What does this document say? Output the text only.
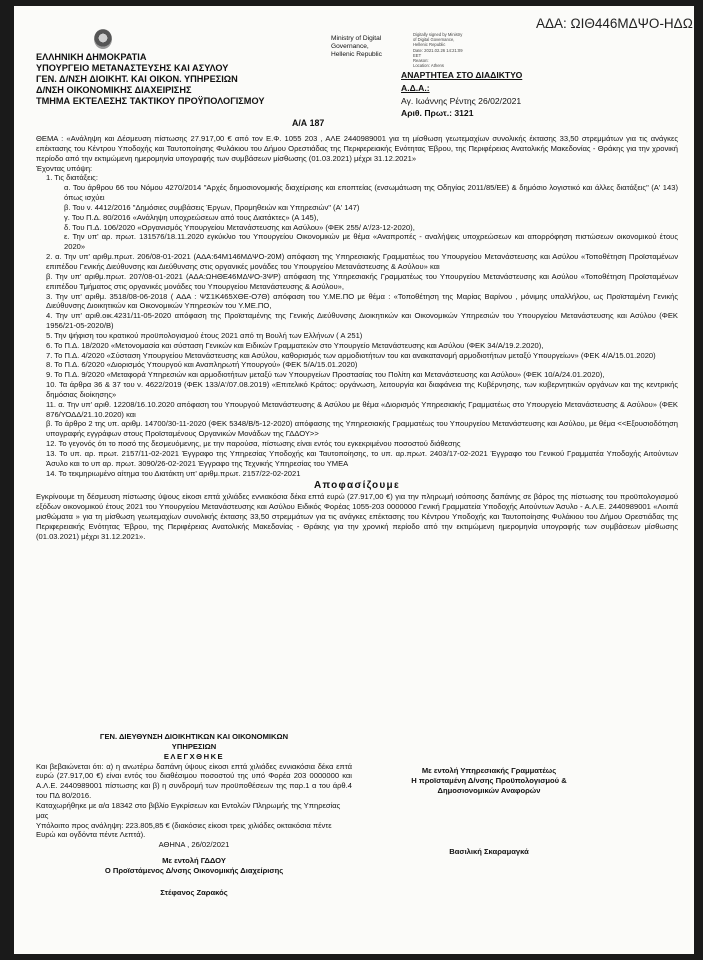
ΕΛΛΗΝΙΚΗ ΔΗΜΟΚΡΑΤΙΑ
ΥΠΟΥΡΓΕΙΟ ΜΕΤΑΝΑΣΤΕΥΣΗΣ ΚΑΙ ΑΣΥΛΟΥ
ΓΕΝ. Δ/ΝΣΗ ΔΙΟΙΚΗΤ. ΚΑΙ ΟΙΚΟΝ. ΥΠΗΡΕΣΙΩΝ
Δ/ΝΣΗ ΟΙΚΟΝΟΜΙΚΗΣ ΔΙΑΧΕΙΡΙΣΗΣ
ΤΜΗΜΑ ΕΚΤΕΛΕΣΗΣ ΤΑΚΤΙΚΟΥ ΠΡΟΫΠΟΛΟΓΙΣΜΟΥ
Ministry of Digital
Governance,
Hellenic Republic
Digitally signed by Ministry
of Digital Governance,
Hellenic Republic
Date: 2021.02.26 14:21:09
EET
Reason:
Location: Athens
ΑΔΑ: ΩΙΘ446ΜΔΨΟ-ΗΔΩ
ΑΝΑΡΤΗΤΕΑ ΣΤΟ ΔΙΑΔΙΚΤΥΟ
Α.Δ.Α.:
Αγ. Ιωάννης Ρέντης 26/02/2021
Αριθ. Πρωτ.: 3121
Α/Α 187

ΘΕΜΑ : «Ανάληψη και Δέσμευση πίστωσης 27.917,00 € από τον Ε.Φ. 1055 203 , ΑΛΕ 2440989001 για τη μίσθωση γεωτεμαχίων συνολικής έκτασης 33,50 στρεμμάτων για τις ανάγκες επέκτασης του Κέντρου Υποδοχής και Ταυτοποίησης Φυλάκιου του Δήμου Ορεστιάδας της Περιφερειακής Ενότητας Έβρου, της Περιφέρειας Ανατολικής Μακεδονίας - Θράκης για την χρονική περίοδο από την εκτιμώμενη ημερομηνία υπογραφής των συμβάσεων μίσθωσης (01.03.2021) μέχρι 31.12.2021»

Έχοντας υπόψη:

1. Τις διατάξεις:

α. Του άρθρου 66 του Νόμου 4270/2014 "Αρχές δημοσιονομικής διαχείρισης και εποπτείας (ενσωμάτωση της Οδηγίας 2011/85/ΕΕ) & δημόσιο λογιστικό και άλλες διατάξεις" (Α' 143) όπως ισχύει

β. Του ν. 4412/2016 "Δημόσιες συμβάσεις Έργων, Προμηθειών και Υπηρεσιών" (Α' 147)

γ. Του Π.Δ. 80/2016 «Ανάληψη υποχρεώσεων από τους Διατάκτες» (Α 145),

δ. Του Π.Δ. 106/2020 «Οργανισμός Υπουργείου Μετανάστευσης και Ασύλου» (ΦΕΚ 255/ Α'/23-12-2020),

ε. Την υπ' αρ. πρωτ. 131576/18.11.2020 εγκύκλιο του Υπουργείου Οικονομικών με θέμα «Αναπροπές - αναλήψεις υποχρεώσεων και απορρόφηση πιστώσεων οικονομικού έτους 2020»

2. α. Την υπ' αριθμ.πρωτ. 206/08-01-2021 (ΑΔΑ:64Μ146ΜΔΨΟ-20Μ) απόφαση της Υπηρεσιακής Γραμματέως του Υπουργείου Μετανάστευσης και Ασύλου «Τοποθέτηση Προϊσταμένων επιπέδου Γενικής Διεύθυνσης και Διεύθυνσης στις οργανικές μονάδες του Υπουργείου Μετανάστευσης & Ασύλου» και

β. Την υπ' αριθμ.πρωτ. 207/08-01-2021 (ΑΔΑ:ΩΗΘΕ46ΜΔΨΟ-3ΨΡ) απόφαση της Υπηρεσιακής Γραμματέως του Υπουργείου Μετανάστευσης και Ασύλου «Τοποθέτηση Προϊσταμένων επιπέδου Τμήματος στις οργανικές μονάδες του Υπουργείου Μετανάστευσης & Ασύλου»,

3. Την υπ' αριθμ. 3518/08-06-2018 ( ΑΔΑ : ΨΣ1Κ465ΧΘΕ-Ο7Θ) απόφαση του Υ.ΜΕ.ΠΟ με θέμα : «Τοποθέτηση της Μαρίας Βαρίνου , μόνιμης υπαλλήλου, ως Προϊσταμένη Γενικής Διεύθυνσης Διοικητικών και Οικονομικών Υπηρεσιών του Υ.ΜΕ.ΠΟ,

4. Την υπ' αριθ.οικ.4231/11-05-2020 απόφαση της Προϊσταμένης της Γενικής Διεύθυνσης Διοικητικών και Οικονομικών Υπηρεσιών του Υπουργείου Μετανάστευσης και Ασύλου (ΦΕΚ 1956/21-05-2020/Β)

5. Την ψήφιση του κρατικού προϋπολογισμού έτους 2021 από τη Βουλή των Ελλήνων ( Α 251)

6. Το Π.Δ. 18/2020 «Μετονομασία και σύσταση Γενικών και Ειδικών Γραμματειών στο Υπουργείο Μετανάστευσης και Ασύλου (ΦΕΚ 34/Α/19.2.2020),

7. Το Π.Δ. 4/2020 «Σύσταση Υπουργείου Μετανάστευσης και Ασύλου, καθορισμός των αρμοδιοτήτων του και ανακατανομή αρμοδιοτήτων μεταξύ Υπουργείων» (ΦΕΚ 4/Α/15.01.2020)

8. Το Π.Δ. 6/2020 «Διορισμός Υπουργού και Αναπληρωτή Υπουργού» (ΦΕΚ 5/Α/15.01.2020)

9. Το Π.Δ. 9/2020 «Μεταφορά Υπηρεσιών και αρμοδιοτήτων μεταξύ των Υπουργείων Προστασίας του Πολίτη και Μετανάστευσης και Ασύλου» (ΦΕΚ 10/Α/24.01.2020),

10. Τα άρθρα 36 & 37 του ν. 4622/2019 (ΦΕΚ 133/Α'/07.08.2019) «Επιτελικό Κράτος: οργάνωση, λειτουργία και διαφάνεια της Κυβέρνησης, των κυβερνητικών οργάνων και της κεντρικής δημόσιας διοίκησης»

11. α. Την υπ' αριθ. 12208/16.10.2020 απόφαση του Υπουργού Μετανάστευσης & Ασύλου με θέμα «Διορισμός Υπηρεσιακής Γραμματέως στο Υπουργείο Μετανάστευσης & Ασύλου» (ΦΕΚ 876/ΥΟΔΔ/21.10.2020) και

β. Το άρθρο 2 της υπ. αριθμ. 14700/30-11-2020 (ΦΕΚ 5348/Β/5-12-2020) απόφασης της Υπηρεσιακής Γραμματέως του Υπουργείου Μετανάστευσης και Ασύλου, με θέμα <<Εξουσιοδότηση υπογραφής εγγράφων στους Προϊσταμένους Οργανικών Μονάδων της ΓΔΔΟΥ>>

12. Το γεγονός ότι το ποσό της δεσμευόμενης, με την παρούσα, πίστωσης είναι εντός του εγκεκριμένου ποσοστού διάθεσης

13. Το υπ. αρ. πρωτ. 2157/11-02-2021 Έγγραφο της Υπηρεσίας Υποδοχής και Ταυτοποίησης, το υπ. αρ.πρωτ. 2403/17-02-2021 Έγγραφο του Γενικού Γραμματέα Υποδοχής Αιτούντων Άσυλο και το υπ αρ. πρωτ. 3090/26-02-2021 Έγγραφο της Τεχνικής Υπηρεσίας του ΥΜΕΑ

14. Το τεκμηριωμένο αίτημα του Διατάκτη υπ' αριθμ.πρωτ. 2157/22-02-2021

Αποφασίζουμε

Εγκρίνουμε τη δέσμευση πίστωσης ύψους είκοσι επτά χιλιάδες εννιακόσια δέκα επτά ευρώ (27.917,00 €) για την πληρωμή ισόποσης δαπάνης σε βάρος της πίστωσης του προϋπολογισμού εξόδων οικονομικού έτους 2021 του Υπουργείου Μετανάστευσης και Ασύλου Ειδικός Φορέας 1055-203 0000000 Γενική Γραμματεία Υποδοχής Αιτούντων Άσυλο - Α.Λ.Ε. 2440989001 «Λοιπά μισθώματα » για τη μίσθωση γεωτεμαχίων συνολικής έκτασης 33,50 στρεμμάτων για τις ανάγκες επέκτασης του Κέντρου Υποδοχής και Ταυτοποίησης Φυλάκιου του Δήμου Ορεστιάδας της Περιφερειακής Ενότητας Έβρου, της Περιφέρειας Ανατολικής Μακεδονίας - Θράκης για την χρονική περίοδο από την εκτιμώμενη ημερομηνία υπογραφής των συμβάσεων μίσθωσης (01.03.2021) μέχρι 31.12.2021».

ΓΕΝ. ΔΙΕΥΘΥΝΣΗ ΔΙΟΙΚΗΤΙΚΩΝ ΚΑΙ ΟΙΚΟΝΟΜΙΚΩΝ
ΥΠΗΡΕΣΙΩΝ
ΕΛΕΓΧΘΗΚΕ
Και βεβαιώνεται ότι: α) η ανωτέρω δαπάνη ύψους είκοσι επτά χιλιάδες εννιακόσια δέκα επτά ευρώ (27.917,00 €) είναι εντός του διαθέσιμου ποσοστού της υπό Φορέα 203 0000000 και Α.Λ.Ε. 2440989001 πίστωσης και β) η συνδρομή των προϋποθέσεων της παρ.1 α του άρθ.4 του ΠΔ 80/2016.
Καταχωρήθηκε με α/α 18342 στο βιβλίο Εγκρίσεων και Εντολών Πληρωμής της Υπηρεσίας μας
Υπόλοιπο προς ανάληψη: 223.805,85 € (διακόσιες είκοσι τρεις χιλιάδες οκτακόσια πέντε Ευρώ και ογδόντα πέντε Λεπτά).
ΑΘΗΝΑ , 26/02/2021
Με εντολή ΓΔΔΟΥ
Ο Προϊστάμενος Δ/νσης Οικονομικής Διαχείρισης
Στέφανος Ζαρακός
Με εντολή Υπηρεσιακής Γραμματέως
Η προϊσταμένη Δ/νσης Προϋπολογισμού &
Δημοσιονομικών Αναφορών
Βασιλική Σκαραμαγκά
